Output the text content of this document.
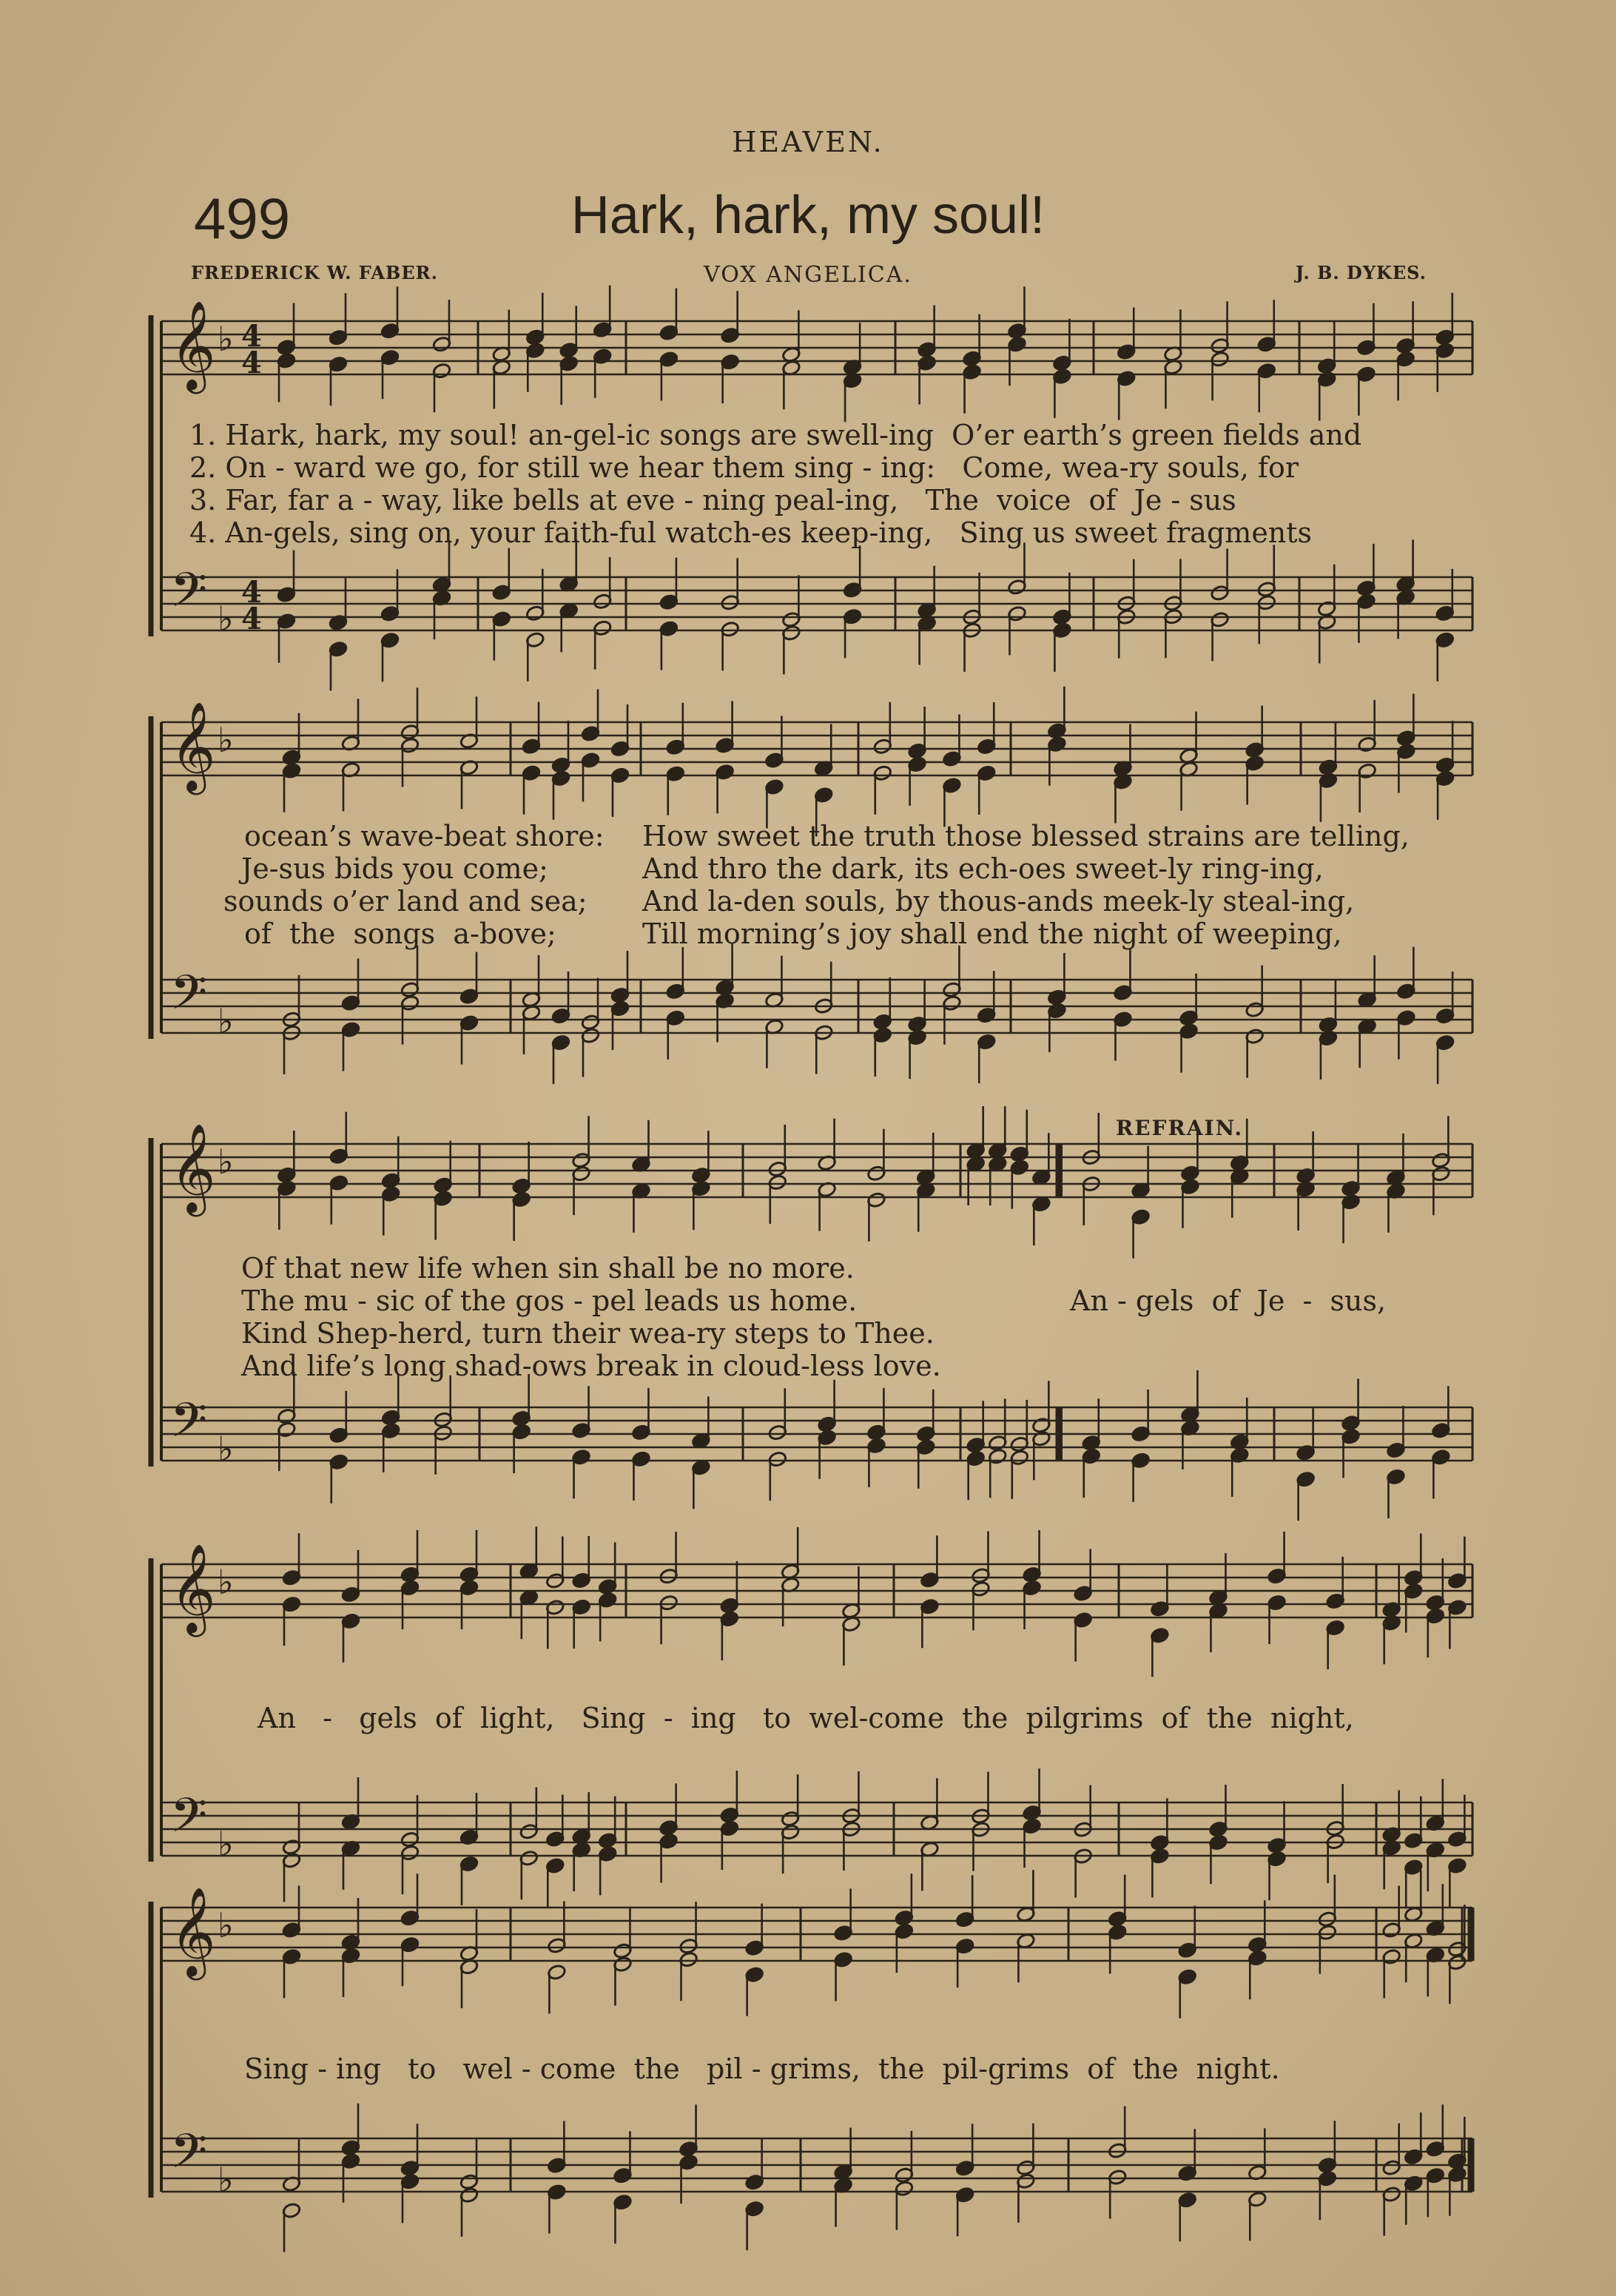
HEAVEN.
499	Hark, hark, my soul!
FREDERICK W. FABER.	VOX ANGELICA.	J. B. DYKES.
𝄞 ♭
𝄢 ♭
𝄞 ♭
𝄢 ♭
𝄞 ♭
𝄢 ♭
𝄞 ♭
𝄢 ♭
𝄞 ♭
𝄢 ♭
4
4
4
4
1. Hark, hark, my soul! an-gel-ic songs are swell-ing  O’er earth’s green fields and
2. On - ward we go, for still we hear them sing - ing:   Come, wea-ry souls, for
3. Far, far a - way, like bells at eve - ning peal-ing,   The  voice  of  Je - sus
4. An-gels, sing on, your faith-ful watch-es keep-ing,   Sing us sweet fragments
ocean’s wave-beat shore:
Je-sus bids you come;
sounds o’er land and sea;
of  the  songs  a-bove;
How sweet the truth those blessed strains are telling,
And thro the dark, its ech-oes sweet-ly ring-ing,
And la-den souls, by thous-ands meek-ly steal-ing,
Till morning’s joy shall end the night of weeping,
REFRAIN.
Of that new life when sin shall be no more.
The mu - sic of the gos - pel leads us home.
Kind Shep-herd, turn their wea-ry steps to Thee.
And life’s long shad-ows break in cloud-less love.
An - gels  of  Je  -  sus,
An   -   gels  of  light,   Sing  -  ing   to  wel-come  the  pilgrims  of  the  night,
Sing - ing   to   wel - come  the   pil - grims,  the  pil-grims  of  the  night.
